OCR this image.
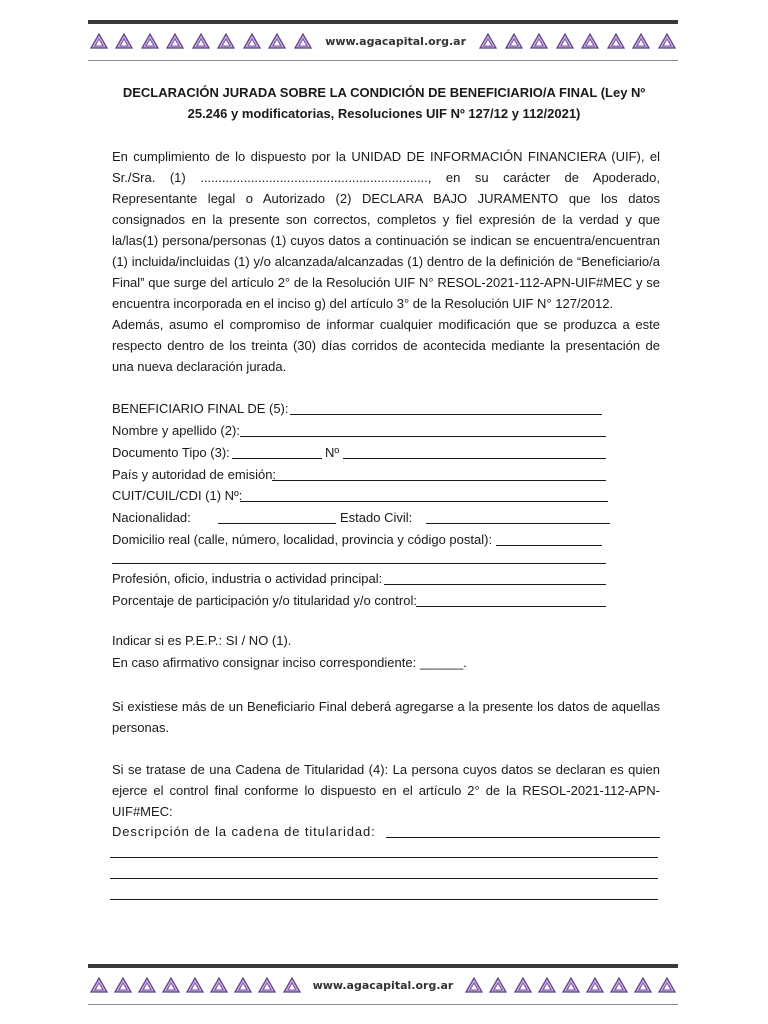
www.agacapital.org.ar
DECLARACIÓN JURADA SOBRE LA CONDICIÓN DE BENEFICIARIO/A FINAL (Ley Nº
25.246 y modificatorias, Resoluciones UIF Nº 127/12 y 112/2021)

En cumplimiento de lo dispuesto por la UNIDAD DE INFORMACIÓN FINANCIERA (UIF), el Sr./Sra. (1) ..............................................................., en su carácter de Apoderado, Representante legal o Autorizado (2) DECLARA BAJO JURAMENTO que los datos consignados en la presente son correctos, completos y fiel expresión de la verdad y que la/las(1) persona/personas (1) cuyos datos a continuación se indican se encuentra/encuentran (1) incluida/incluidas (1) y/o alcanzada/alcanzadas (1) dentro de la definición de “Beneficiario/a Final” que surge del artículo 2° de la Resolución UIF N° RESOL-2021-112-APN-UIF#MEC y se encuentra incorporada en el inciso g) del artículo 3° de la Resolución UIF N° 127/2012.

Además, asumo el compromiso de informar cualquier modificación que se produzca a este respecto dentro de los treinta (30) días corridos de acontecida mediante la presentación de una nueva declaración jurada.

BENEFICIARIO FINAL DE (5):
Nombre y apellido (2):
Documento Tipo (3):	Nº
País y autoridad de emisión:
CUIT/CUIL/CDI (1) Nº:
Nacionalidad:	Estado Civil:
Domicilio real (calle, número, localidad, provincia y código postal):
Profesión, oficio, industria o actividad principal:
Porcentaje de participación y/o titularidad y/o control:
Indicar si es P.E.P.: SI / NO (1).
En caso afirmativo consignar inciso correspondiente: ______.

Si existiese más de un Beneficiario Final deberá agregarse a la presente los datos de aquellas personas.

Si se tratase de una Cadena de Titularidad (4): La persona cuyos datos se declaran es quien ejerce el control final conforme lo dispuesto en el artículo 2° de la RESOL-2021-112-APN-UIF#MEC:

Descripción de la cadena de titularidad:
www.agacapital.org.ar
